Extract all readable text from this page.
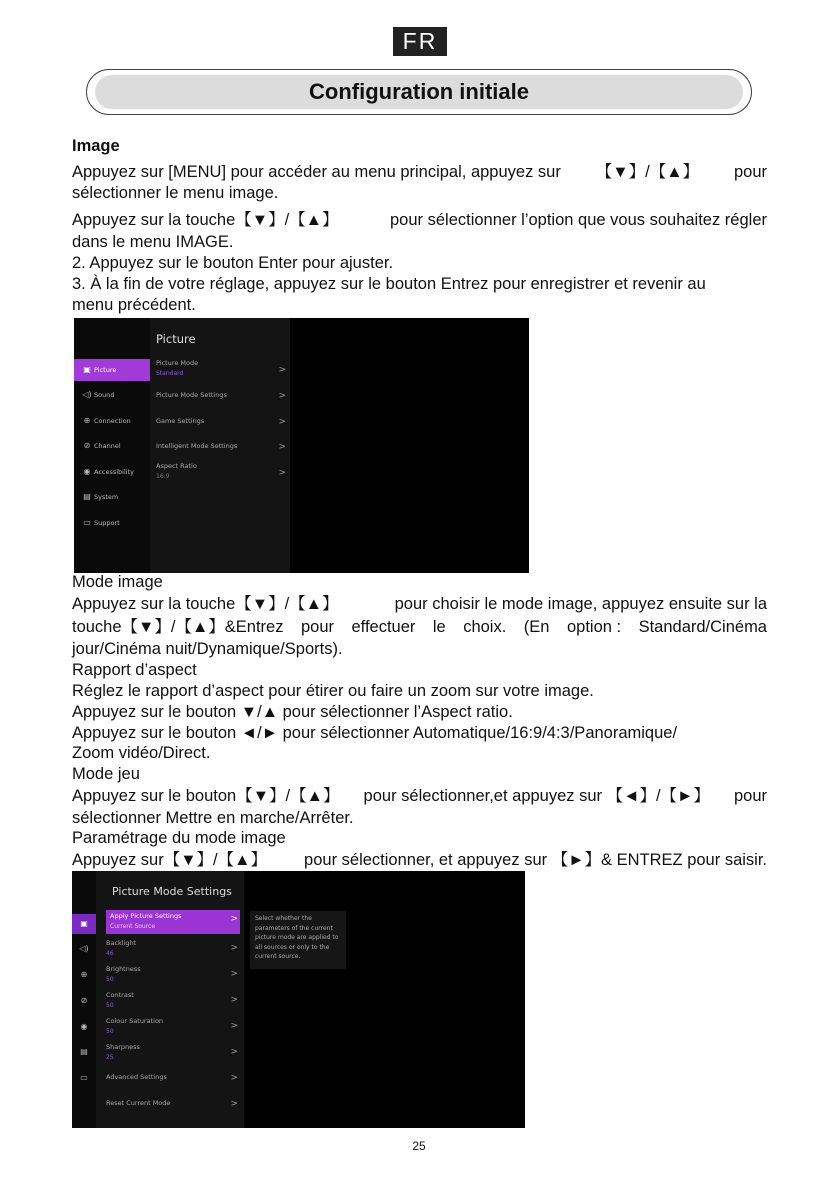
FR
Configuration initiale
Image
Appuyez sur [MENU] pour accéder au menu principal, appuyez sur 【▼】/【▲】 pour
sélectionner le menu image.
Appuyez sur la touche【▼】/【▲】	pour sélectionner l’option que vous souhaitez régler
dans le menu IMAGE.
2. Appuyez sur le bouton Enter pour ajuster.
3. À la fin de votre réglage, appuyez sur le bouton Entrez pour enregistrer et revenir au
menu précédent.
▣ Picture
◁) Sound
⊕ Connection
⊘ Channel
◉ Accessibility
▤ System
▭ Support
Picture
Picture Mode
Standard	>
Picture Mode Settings	>
Game Settings	>
Intelligent Mode Settings	>
Aspect Ratio
16:9	>
Mode image
Appuyez sur la touche【▼】/【▲】	pour choisir le mode image, appuyez ensuite sur la
touche【▼】/【▲】&Entrez pour effectuer le choix. (En option : Standard/Cinéma
jour/Cinéma nuit/Dynamique/Sports).
Rapport d’aspect
Réglez le rapport d’aspect pour étirer ou faire un zoom sur votre image.
Appuyez sur le bouton ▼/▲ pour sélectionner l’Aspect ratio.
Appuyez sur le bouton ◄/► pour sélectionner Automatique/16:9/4:3/Panoramique/
Zoom vidéo/Direct.
Mode jeu
Appuyez sur le bouton【▼】/【▲】 pour sélectionner,et appuyez sur 【◄】/【►】 pour
sélectionner Mettre en marche/Arrêter.
Paramétrage du mode image
Appuyez sur【▼】/【▲】 pour sélectionner, et appuyez sur 【►】& ENTREZ pour saisir.
▣
◁)
⊕
⊘
◉
▤
▭
Picture Mode Settings
Apply Picture Settings
Current Source
>
Backlight
46
>
Brightness
50
>
Contrast
50
>
Colour Saturation
50
>
Sharpness
25
>
Advanced Settings	>
Reset Current Mode	>
Select whether the parameters of the current picture mode are applied to all sources or only to the current source.
25
